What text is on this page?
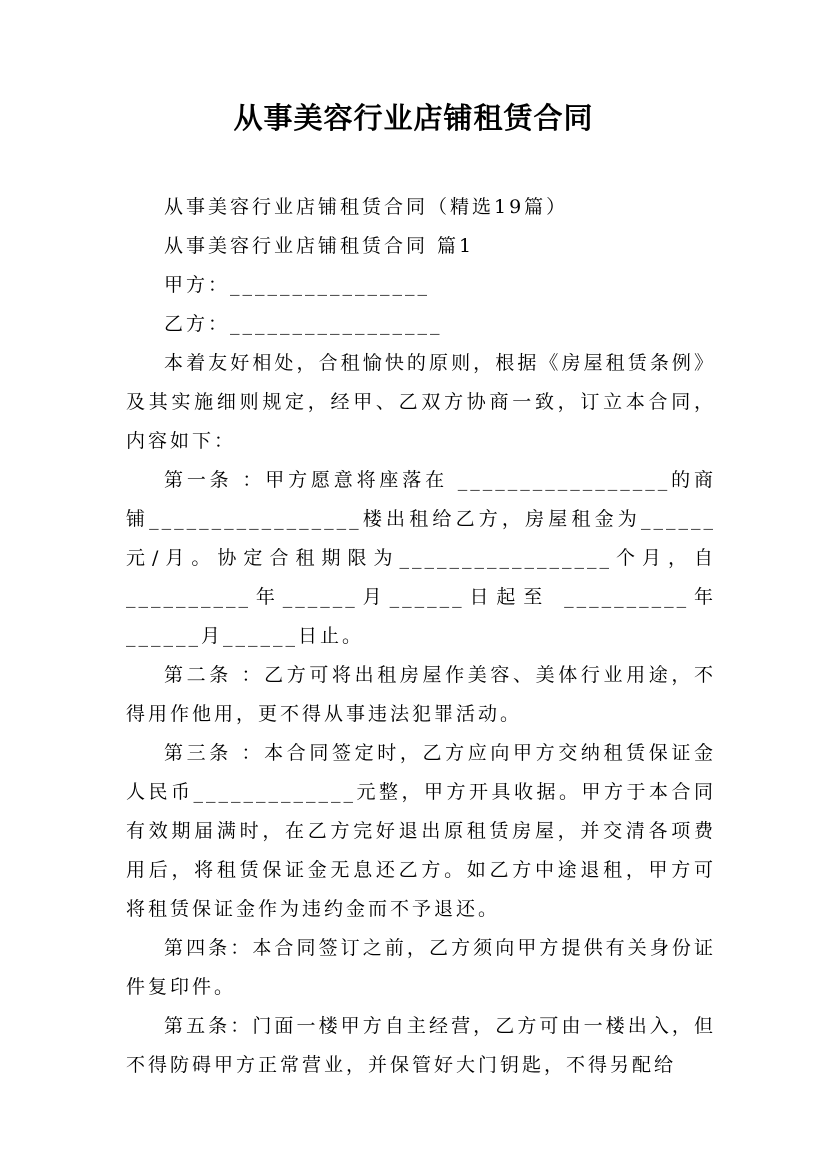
从事美容行业店铺租赁合同

从事美容行业店铺租赁合同（精选19篇）

从事美容行业店铺租赁合同 篇1

甲方：________________

乙方：_________________

本着友好相处，合租愉快的原则，根据《房屋租赁条例》及其实施细则规定，经甲、乙双方协商一致，订立本合同，内容如下：

第一条 ：甲方愿意将座落在 _________________的商铺_________________楼出租给乙方，房屋租金为______元/月。协定合租期限为_________________个月，自 __________年______月______日起至 __________年______月______日止。

第二条 ：乙方可将出租房屋作美容、美体行业用途，不得用作他用，更不得从事违法犯罪活动。

第三条 ：本合同签定时，乙方应向甲方交纳租赁保证金人民币_____________元整，甲方开具收据。甲方于本合同有效期届满时，在乙方完好退出原租赁房屋，并交清各项费用后，将租赁保证金无息还乙方。如乙方中途退租，甲方可将租赁保证金作为违约金而不予退还。

第四条：本合同签订之前，乙方须向甲方提供有关身份证件复印件。

第五条：门面一楼甲方自主经营，乙方可由一楼出入，但不得防碍甲方正常营业，并保管好大门钥匙，不得另配给
